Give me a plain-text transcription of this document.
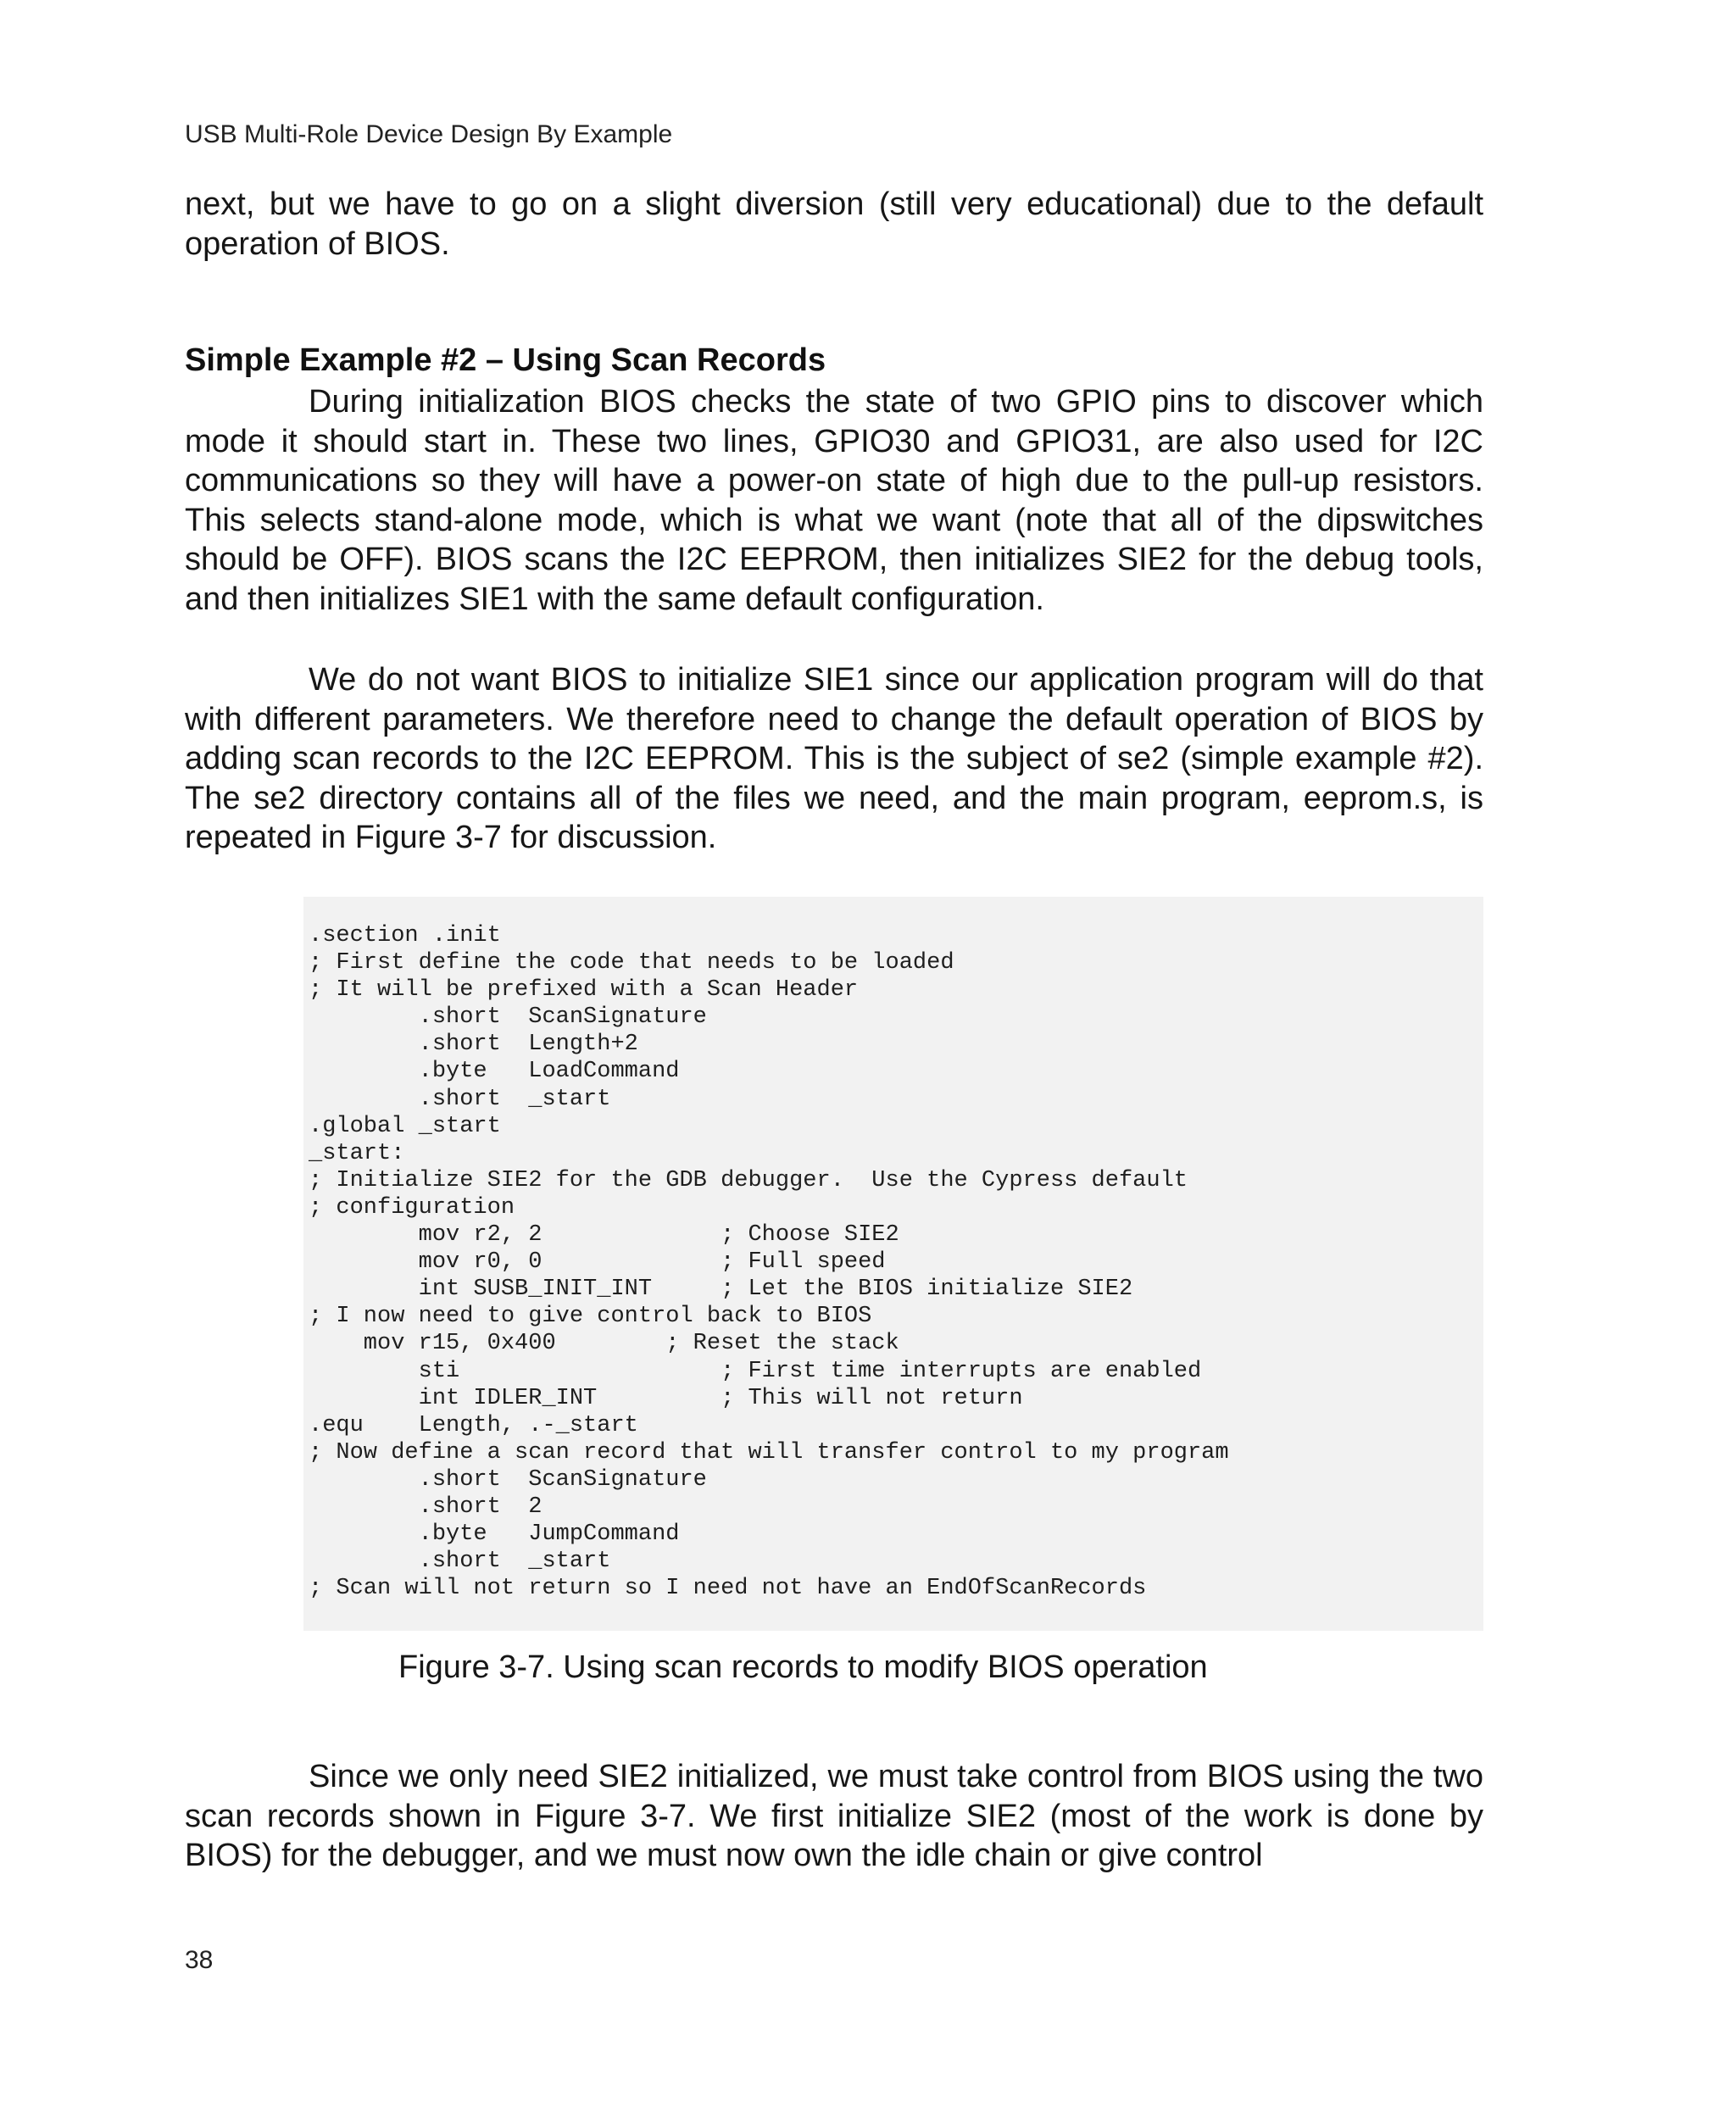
USB Multi-Role Device Design By Example

next, but we have to go on a slight diversion (still very educational) due to the default operation of BIOS.

Simple Example #2 – Using Scan Records

During initialization BIOS checks the state of two GPIO pins to discover which mode it should start in. These two lines, GPIO30 and GPIO31, are also used for I2C communications so they will have a power-on state of high due to the pull-up resistors. This selects stand-alone mode, which is what we want (note that all of the dipswitches should be OFF). BIOS scans the I2C EEPROM, then initializes SIE2 for the debug tools, and then initializes SIE1 with the same default configuration.

We do not want BIOS to initialize SIE1 since our application program will do that with different parameters. We therefore need to change the default operation of BIOS by adding scan records to the I2C EEPROM. This is the subject of se2 (simple example #2). The se2 directory contains all of the files we need, and the main program, eeprom.s, is repeated in Figure 3-7 for discussion.

.section .init
; First define the code that needs to be loaded
; It will be prefixed with a Scan Header
.short  ScanSignature
.short  Length+2
.byte   LoadCommand
.short  _start
.global _start
_start:
; Initialize SIE2 for the GDB debugger.  Use the Cypress default
; configuration
mov r2, 2             ; Choose SIE2
mov r0, 0             ; Full speed
int SUSB_INIT_INT     ; Let the BIOS initialize SIE2
; I now need to give control back to BIOS
mov r15, 0x400        ; Reset the stack
sti                   ; First time interrupts are enabled
int IDLER_INT         ; This will not return
.equ    Length, .-_start
; Now define a scan record that will transfer control to my program
.short  ScanSignature
.short  2
.byte   JumpCommand
.short  _start
; Scan will not return so I need not have an EndOfScanRecords
Figure 3-7. Using scan records to modify BIOS operation

Since we only need SIE2 initialized, we must take control from BIOS using the two scan records shown in Figure 3-7. We first initialize SIE2 (most of the work is done by BIOS) for the debugger, and we must now own the idle chain or give control

38
